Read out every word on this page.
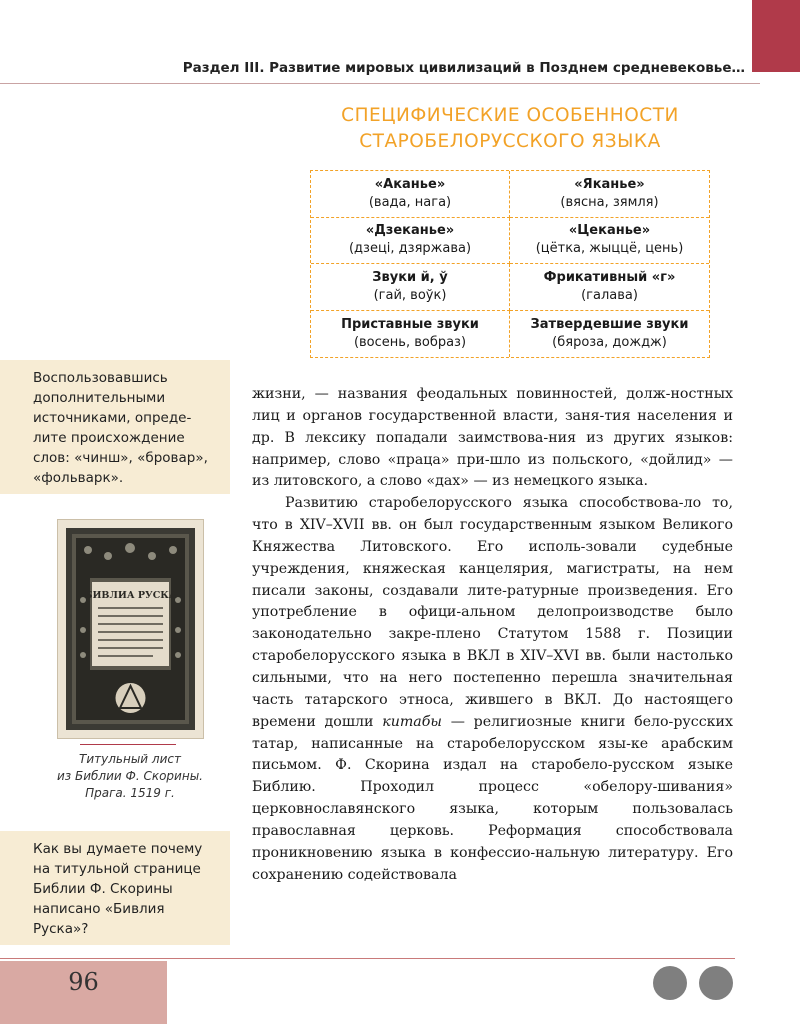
Раздел III. Развитие мировых цивилизаций в Позднем средневековье…
СПЕЦИФИЧЕСКИЕ ОСОБЕННОСТИ
СТАРОБЕЛОРУССКОГО ЯЗЫКА
«Аканье»
(вада, нага)
«Яканье»
(вясна, зямля)
«Дзеканье»
(дзеці, дзяржава)
«Цеканье»
(цётка, жыццё, цень)
Звуки й, ў
(гай, воўк)
Фрикативный «г»
(галава)
Приставные звуки
(восень, вобраз)
Затвердевшие звуки
(бяроза, дождж)
Воспользовавшись дополнительными источниками, опреде-лите происхождение слов: «чинш», «бровар», «фольварк».
БИВЛИА РУСКА
Титульный лист
из Библии Ф. Скорины.
Прага. 1519 г.
Как вы думаете почему на титульной странице Библии Ф. Скорины написано «Бивлия Руска»?

жизни, — названия феодальных повинностей, долж-ностных лиц и органов государственной власти, заня-тия населения и др. В лексику попадали заимствова-ния из других языков: например, слово «праца» при-шло из польского, «дойлид» — из литовского, а слово «дах» — из немецкого языка.

Развитию старобелорусского языка способствова-ло то, что в XIV–XVII вв. он был государственным языком Великого Княжества Литовского. Его исполь-зовали судебные учреждения, княжеская канцелярия, магистраты, на нем писали законы, создавали лите-ратурные произведения. Его употребление в офици-альном делопроизводстве было законодательно закре-плено Статутом 1588 г. Позиции старобелорусского языка в ВКЛ в XIV–XVI вв. были настолько сильными, что на него постепенно перешла значительная часть татарского этноса, жившего в ВКЛ. До настоящего времени дошли китабы — религиозные книги бело-русских татар, написанные на старобелорусском язы-ке арабским письмом. Ф. Скорина издал на старобело-русском языке Библию. Проходил процесс «обелору-шивания» церковнославянского языка, которым пользовалась православная церковь. Реформация способствовала проникновению языка в конфессио-нальную литературу. Его сохранению содействовала

96
